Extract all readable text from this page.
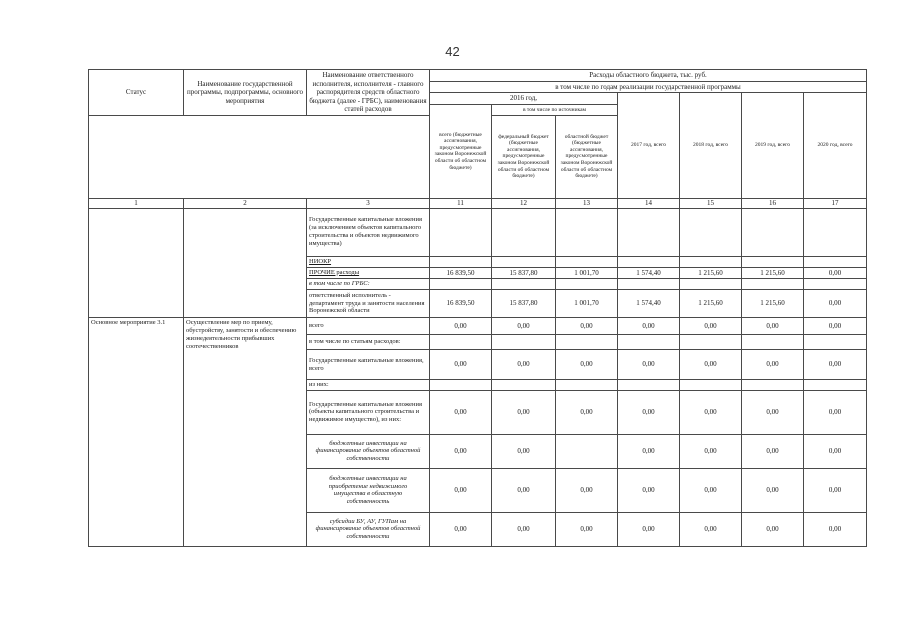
42
Статус	Наименование государственной программы, подпрограммы, основного мероприятия	Наименование ответственного исполнителя, исполнителя - главного распорядителя средств областного бюджета (далее - ГРБС), наименования статей расходов	Расходы областного бюджета, тыс. руб.						
			в том числе по годам реализации государственной программы						
			2016 год,			2017 год, всего	2018 год, всего	2019 год, всего	2020 год, всего
			всего (бюджетные ассигнования, предусмотренные законом Воронежской области об областном бюджете)	в том числе по источникам					
				федеральный бюджет (бюджетные ассигнования, предусмотренные законом Воронежской области об областном бюджете)	областной бюджет (бюджетные ассигнования, предусмотренные законом Воронежской области об областном бюджете)				
1	2	3	11	12	13	14	15	16	17
		Государственные капитальные вложения (за исключением объектов капитального строительства и объектов недвижимого имущества)							
		НИОКР							
		ПРОЧИЕ расходы	16 839,50	15 837,80	1 001,70	1 574,40	1 215,60	1 215,60	0,00
		в том числе по ГРБС:							
		ответственный исполнитель - департамент труда и занятости населения Воронежской области	16 839,50	15 837,80	1 001,70	1 574,40	1 215,60	1 215,60	0,00
Основное мероприятие 3.1	Осуществление мер по приему, обустройству, занятости и обеспечению жизнедеятельности прибывших соотечественников	всего	0,00	0,00	0,00	0,00	0,00	0,00	0,00
		в том числе по статьям расходов:							
		Государственные капитальные вложения, всего	0,00	0,00	0,00	0,00	0,00	0,00	0,00
		из них:							
		Государственные капитальные вложения (объекты капитального строительства и недвижимое имущество), из них:	0,00	0,00	0,00	0,00	0,00	0,00	0,00
		бюджетные инвестиции на финансирование объектов областной собственности	0,00	0,00		0,00	0,00	0,00	0,00
		бюджетные инвестиции на приобретение недвижимого имущества в областную собственность	0,00	0,00	0,00	0,00	0,00	0,00	0,00
		субсидии БУ, АУ, ГУПам на финансирование объектов областной собственности	0,00	0,00	0,00	0,00	0,00	0,00	0,00
